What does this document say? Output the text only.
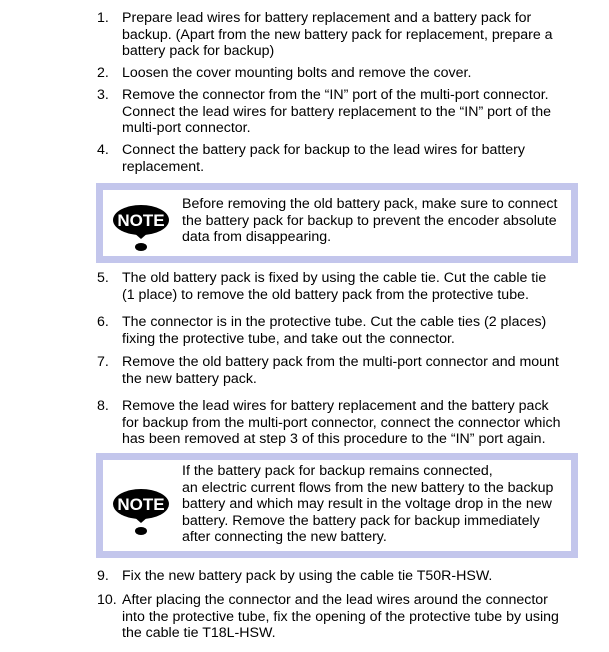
1. Prepare lead wires for battery replacement and a battery pack for
backup. (Apart from the new battery pack for replacement, prepare a
battery pack for backup)
2. Loosen the cover mounting bolts and remove the cover.
3. Remove the connector from the “IN” port of the multi-port connector.
Connect the lead wires for battery replacement to the “IN” port of the
multi-port connector.
4. Connect the battery pack for backup to the lead wires for battery
replacement.
NOTE
Before removing the old battery pack, make sure to connect
the battery pack for backup to prevent the encoder absolute
data from disappearing.
5. The old battery pack is fixed by using the cable tie. Cut the cable tie
(1 place) to remove the old battery pack from the protective tube.
6. The connector is in the protective tube. Cut the cable ties (2 places)
fixing the protective tube, and take out the connector.
7. Remove the old battery pack from the multi-port connector and mount
the new battery pack.
8. Remove the lead wires for battery replacement and the battery pack
for backup from the multi-port connector, connect the connector which
has been removed at step 3 of this procedure to the “IN” port again.
NOTE
If the battery pack for backup remains connected,
an electric current flows from the new battery to the backup
battery and which may result in the voltage drop in the new
battery. Remove the battery pack for backup immediately
after connecting the new battery.
9. Fix the new battery pack by using the cable tie T50R-HSW.
10. After placing the connector and the lead wires around the connector
into the protective tube, fix the opening of the protective tube by using
the cable tie T18L-HSW.
